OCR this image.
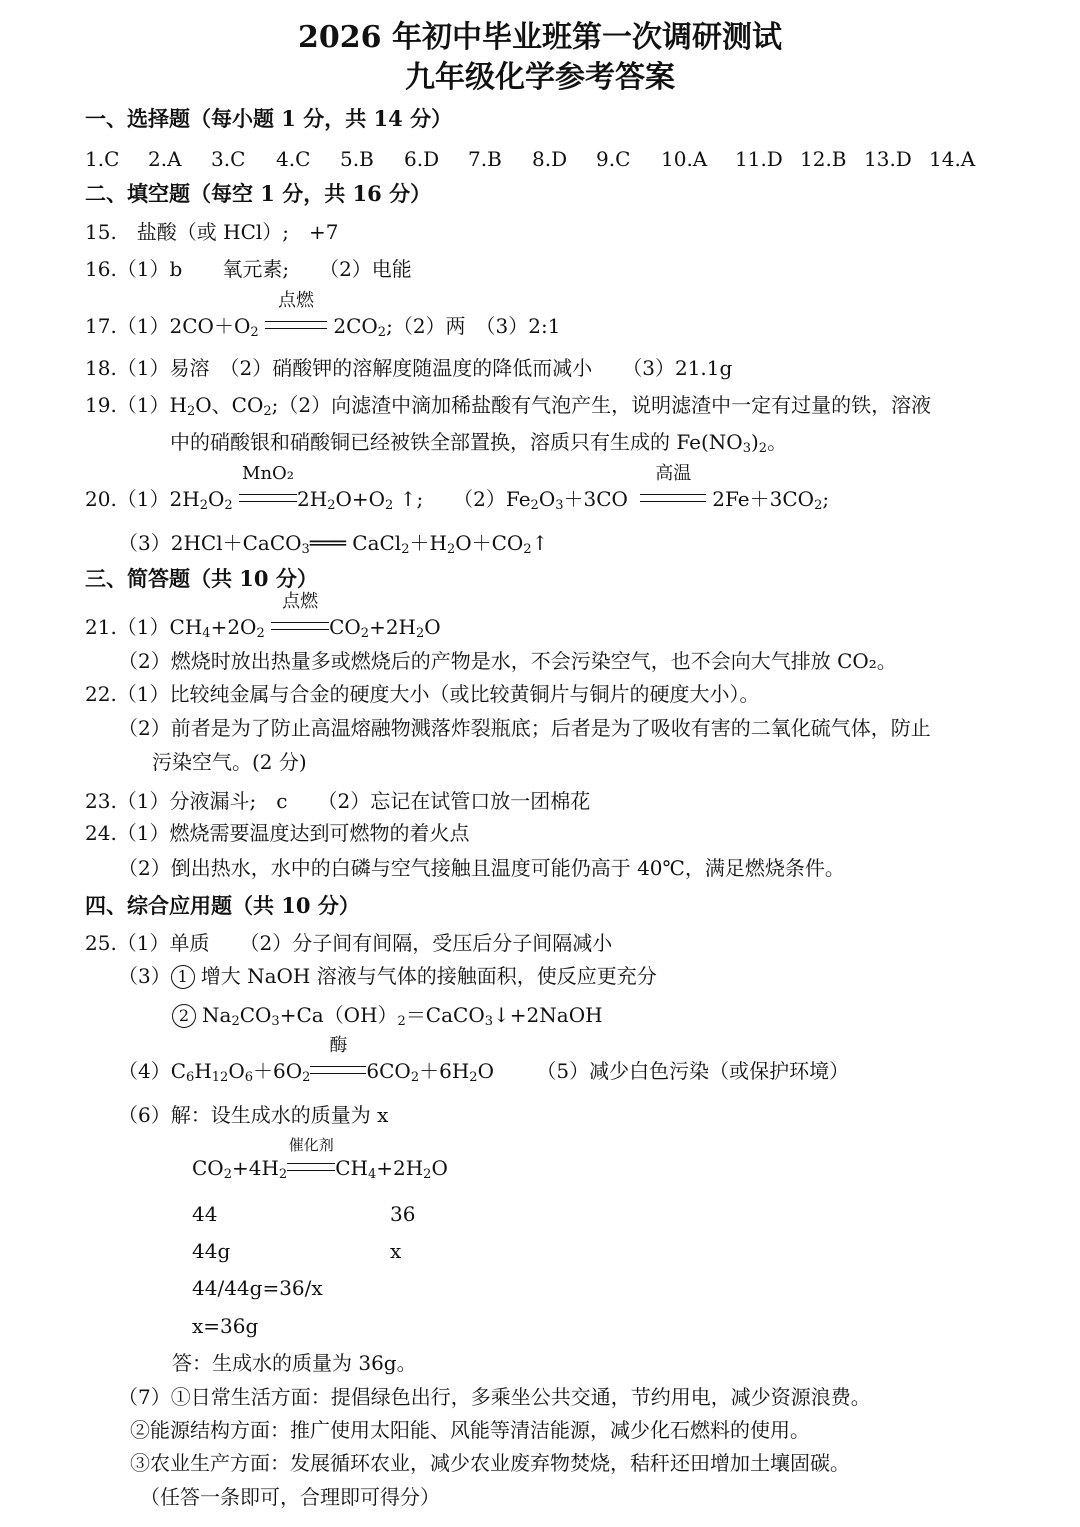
2026 年初中毕业班第一次调研测试
九年级化学参考答案
一、选择题（每小题 1 分，共 14 分）
1.C 2.A 3.C 4.C 5.B 6.D 7.B 8.D 9.C 10.A 11.D 12.B 13.D 14.A
二、填空题（每空 1 分，共 16 分）
15.　盐酸（或 HCl）;　+7
16.（1）b　　氧元素;　　（2）电能
$17.(1)2CO+O_2$
点燃
$2CO_2;(2)$两　（3）2:1
18.（1）易溶　（2）硝酸钾的溶解度随温度的降低而减小　　（3）21.1g
$19.(1)H_2O$、$CO_2;(2)$向滤渣中滴加稀盐酸有气泡产生，说明滤渣中一定有过量的铁，溶液
中的硝酸银和硝酸铜已经被铁全部置换，溶质只有生成的 $Fe(NO_3)_2$。
$20.(1)2H_2O_2$
MnO₂
$2H_2O+O_2$ ↑;　　$(2)Fe_2O_3+3CO$
高温
$2Fe+3CO_2$;
（3）2HCl＋CaCO$_3$═══ $CaCl_2+H_2O+CO_2↑$
三、简答题（共 10 分）
$21.(1)CH_4+2O_2$
点燃
$CO_2+2H_2O$
（2）燃烧时放出热量多或燃烧后的产物是水，不会污染空气，也不会向大气排放 CO₂。
22.（1）比较纯金属与合金的硬度大小（或比较黄铜片与铜片的硬度大小）。
（2）前者是为了防止高温熔融物溅落炸裂瓶底；后者是为了吸收有害的二氧化硫气体，防止
污染空气。(2 分)
23.（1）分液漏斗;　c　　（2）忘记在试管口放一团棉花
24.（1）燃烧需要温度达到可燃物的着火点
（2）倒出热水，水中的白磷与空气接触且温度可能仍高于 40℃，满足燃烧条件。
四、综合应用题（共 10 分）
25.（1）单质　　（2）分子间有间隔，受压后分子间隔减小
（3） 1 增大 NaOH 溶液与气体的接触面积，使反应更充分
2 $Na_2CO_3+Ca(OH)_2=CaCO_3↓+2NaOH$
$(4)C_6H_{12}O_6+6O_2$
酶
$6CO_2+6H_2O$ （5）减少白色污染（或保护环境）
（6）解：设生成水的质量为 x
$CO_2+4H_2$
催化剂
$CH_4+2H_2O$
44	36
44g	x
44/44g=36/x
x=36g
答：生成水的质量为 36g。
（7）①日常生活方面：提倡绿色出行，多乘坐公共交通，节约用电，减少资源浪费。
②能源结构方面：推广使用太阳能、风能等清洁能源，减少化石燃料的使用。
③农业生产方面：发展循环农业，减少农业废弃物焚烧，秸秆还田增加土壤固碳。
（任答一条即可，合理即可得分）
